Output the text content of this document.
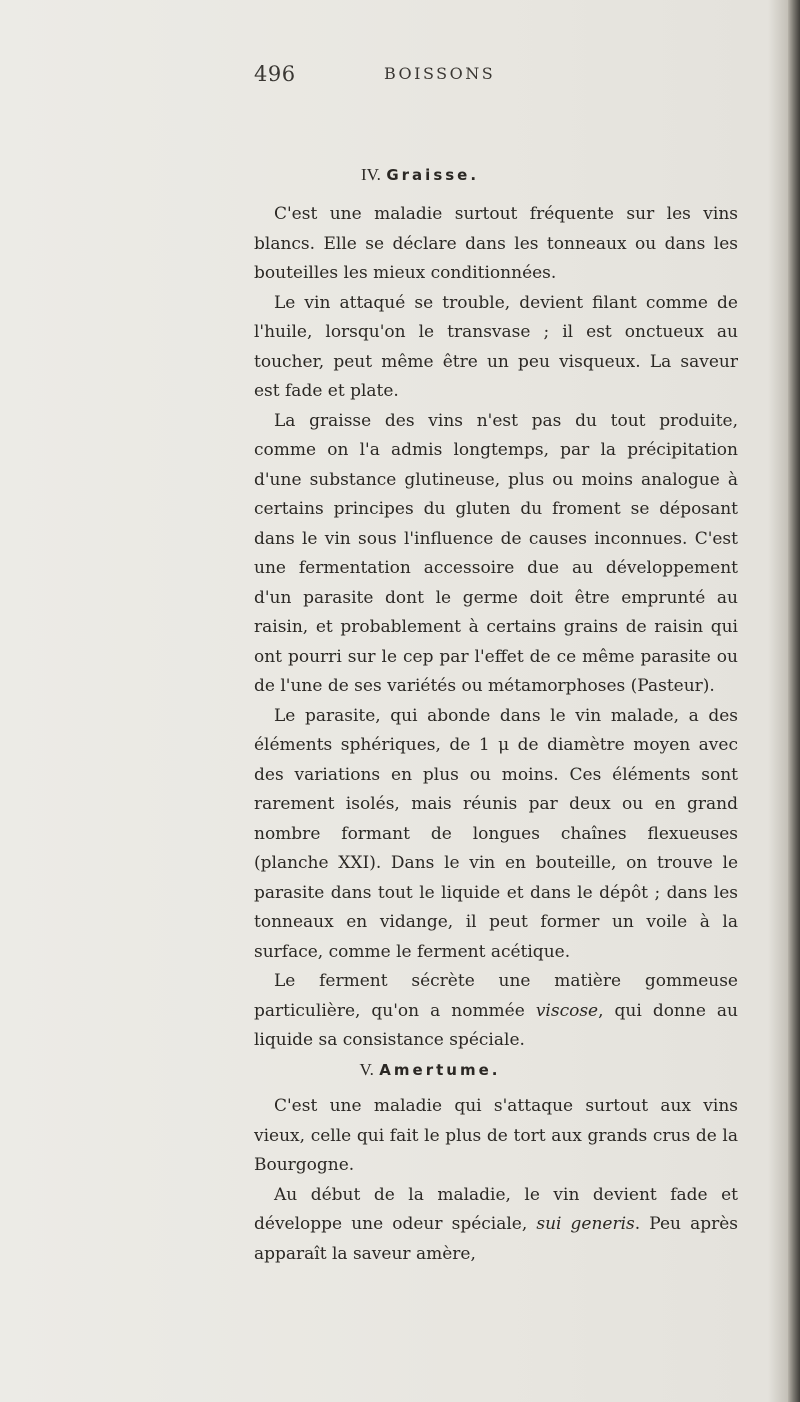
496	BOISSONS
IV. Graisse.

C'est une maladie surtout fréquente sur les vins blancs. Elle se déclare dans les tonneaux ou dans les bouteilles les mieux conditionnées.

Le vin attaqué se trouble, devient filant comme de l'huile, lorsqu'on le transvase ; il est onctueux au toucher, peut même être un peu visqueux. La saveur est fade et plate.

La graisse des vins n'est pas du tout produite, comme on l'a admis longtemps, par la précipitation d'une substance glutineuse, plus ou moins analogue à certains principes du gluten du froment se déposant dans le vin sous l'influence de causes inconnues. C'est une fermentation accessoire due au développement d'un parasite dont le germe doit être emprunté au raisin, et probablement à certains grains de raisin qui ont pourri sur le cep par l'effet de ce même parasite ou de l'une de ses variétés ou métamorphoses (Pasteur).

Le parasite, qui abonde dans le vin malade, a des éléments sphériques, de 1 μ de diamètre moyen avec des variations en plus ou moins. Ces éléments sont rarement isolés, mais réunis par deux ou en grand nombre formant de longues chaînes flexueuses (planche XXI). Dans le vin en bouteille, on trouve le parasite dans tout le liquide et dans le dépôt ; dans les tonneaux en vidange, il peut former un voile à la surface, comme le ferment acétique.

Le ferment sécrète une matière gommeuse particulière, qu'on a nommée viscose, qui donne au liquide sa consistance spéciale.

V. Amertume.

C'est une maladie qui s'attaque surtout aux vins vieux, celle qui fait le plus de tort aux grands crus de la Bourgogne.

Au début de la maladie, le vin devient fade et développe une odeur spéciale, sui generis. Peu après apparaît la saveur amère,
